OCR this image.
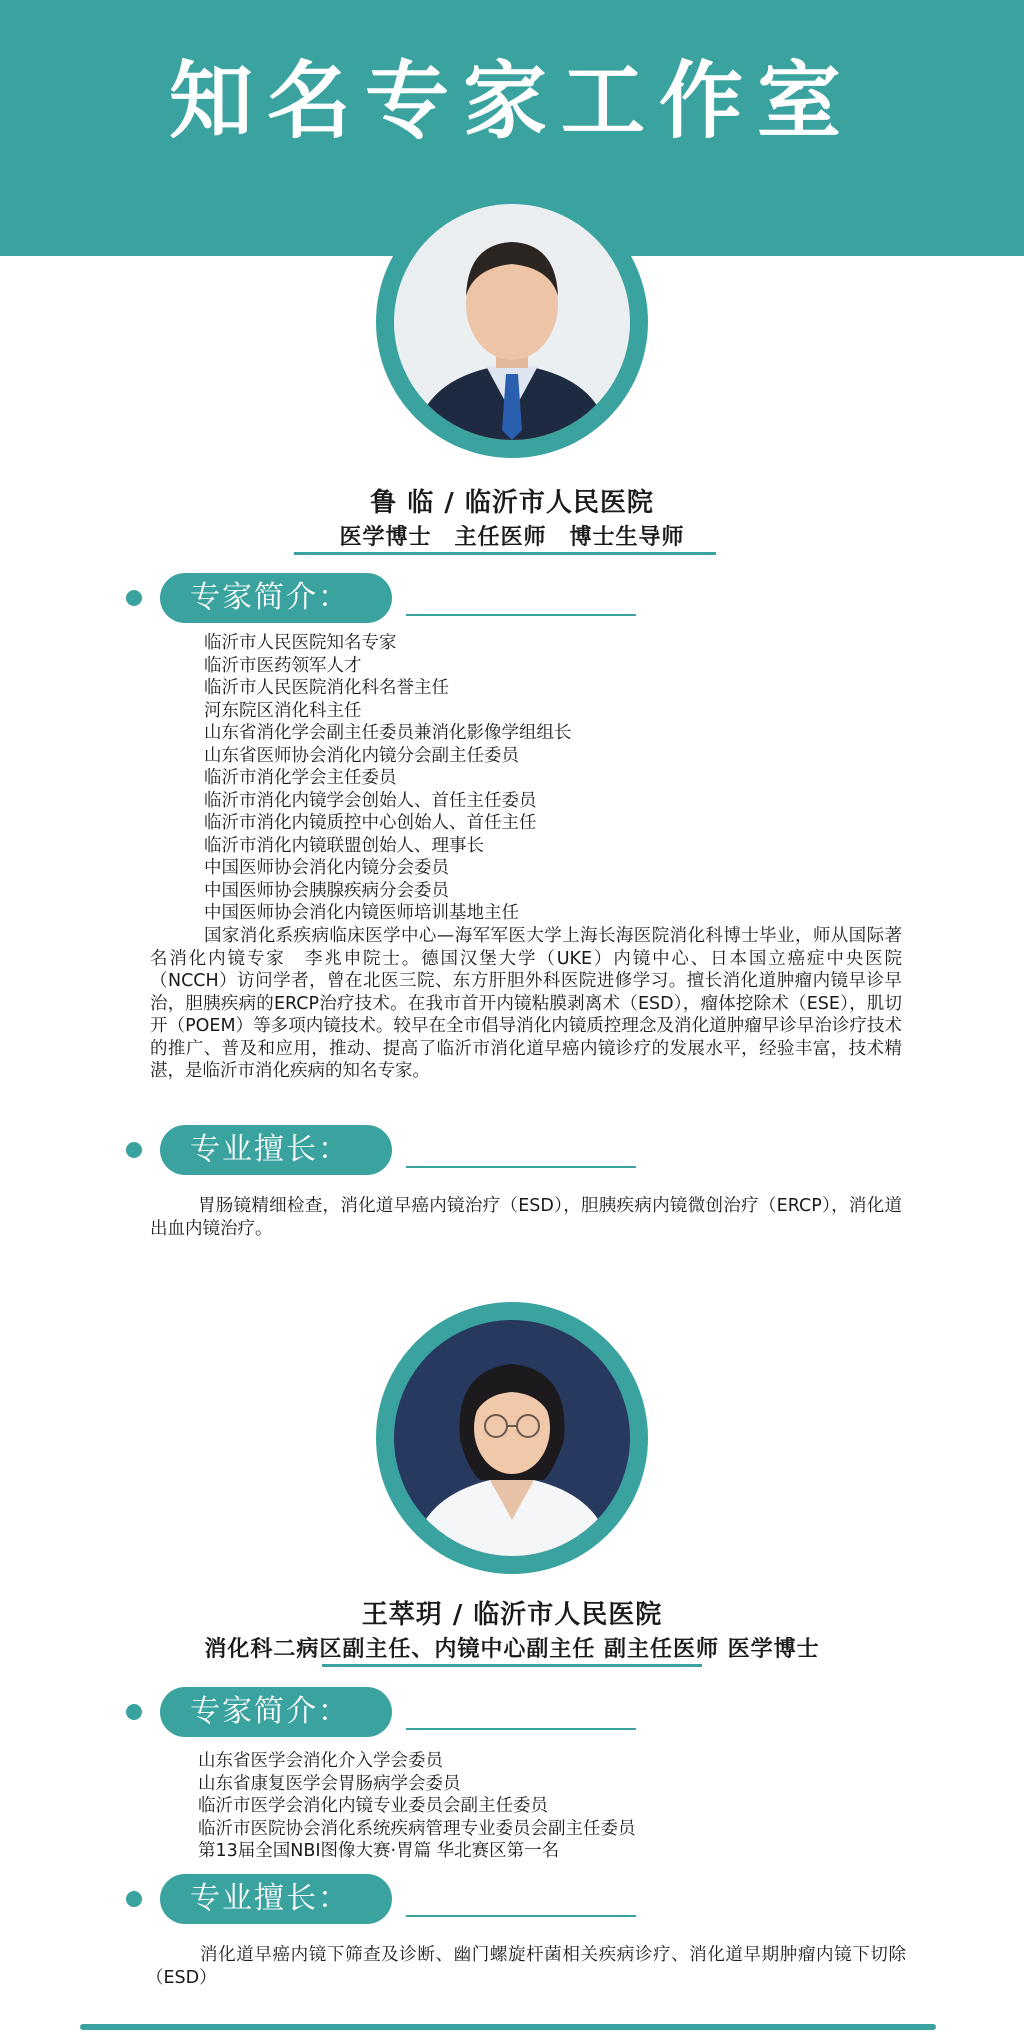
知名专家工作室
鲁 临 / 临沂市人民医院
医学博士　主任医师　博士生导师
专家简介：
临沂市人民医院知名专家
临沂市医药领军人才
临沂市人民医院消化科名誉主任
河东院区消化科主任
山东省消化学会副主任委员兼消化影像学组组长
山东省医师协会消化内镜分会副主任委员
临沂市消化学会主任委员
临沂市消化内镜学会创始人、首任主任委员
临沂市消化内镜质控中心创始人、首任主任
临沂市消化内镜联盟创始人、理事长
中国医师协会消化内镜分会委员
中国医师协会胰腺疾病分会委员
中国医师协会消化内镜医师培训基地主任
国家消化系疾病临床医学中心—海军军医大学上海长海医院消化科博士毕业，师从国际著名消化内镜专家　李兆申院士。德国汉堡大学（UKE）内镜中心、日本国立癌症中央医院（NCCH）访问学者，曾在北医三院、东方肝胆外科医院进修学习。擅长消化道肿瘤内镜早诊早治，胆胰疾病的ERCP治疗技术。在我市首开内镜粘膜剥离术（ESD），瘤体挖除术（ESE），肌切开（POEM）等多项内镜技术。较早在全市倡导消化内镜质控理念及消化道肿瘤早诊早治诊疗技术的推广、普及和应用，推动、提高了临沂市消化道早癌内镜诊疗的发展水平，经验丰富，技术精湛，是临沂市消化疾病的知名专家。
专业擅长：
胃肠镜精细检查，消化道早癌内镜治疗（ESD），胆胰疾病内镜微创治疗（ERCP），消化道出血内镜治疗。
王萃玥 / 临沂市人民医院
消化科二病区副主任、内镜中心副主任 副主任医师 医学博士
专家简介：
山东省医学会消化介入学会委员
山东省康复医学会胃肠病学会委员
临沂市医学会消化内镜专业委员会副主任委员
临沂市医院协会消化系统疾病管理专业委员会副主任委员
第13届全国NBI图像大赛·胃篇 华北赛区第一名
专业擅长：
消化道早癌内镜下筛查及诊断、幽门螺旋杆菌相关疾病诊疗、消化道早期肿瘤内镜下切除（ESD）
